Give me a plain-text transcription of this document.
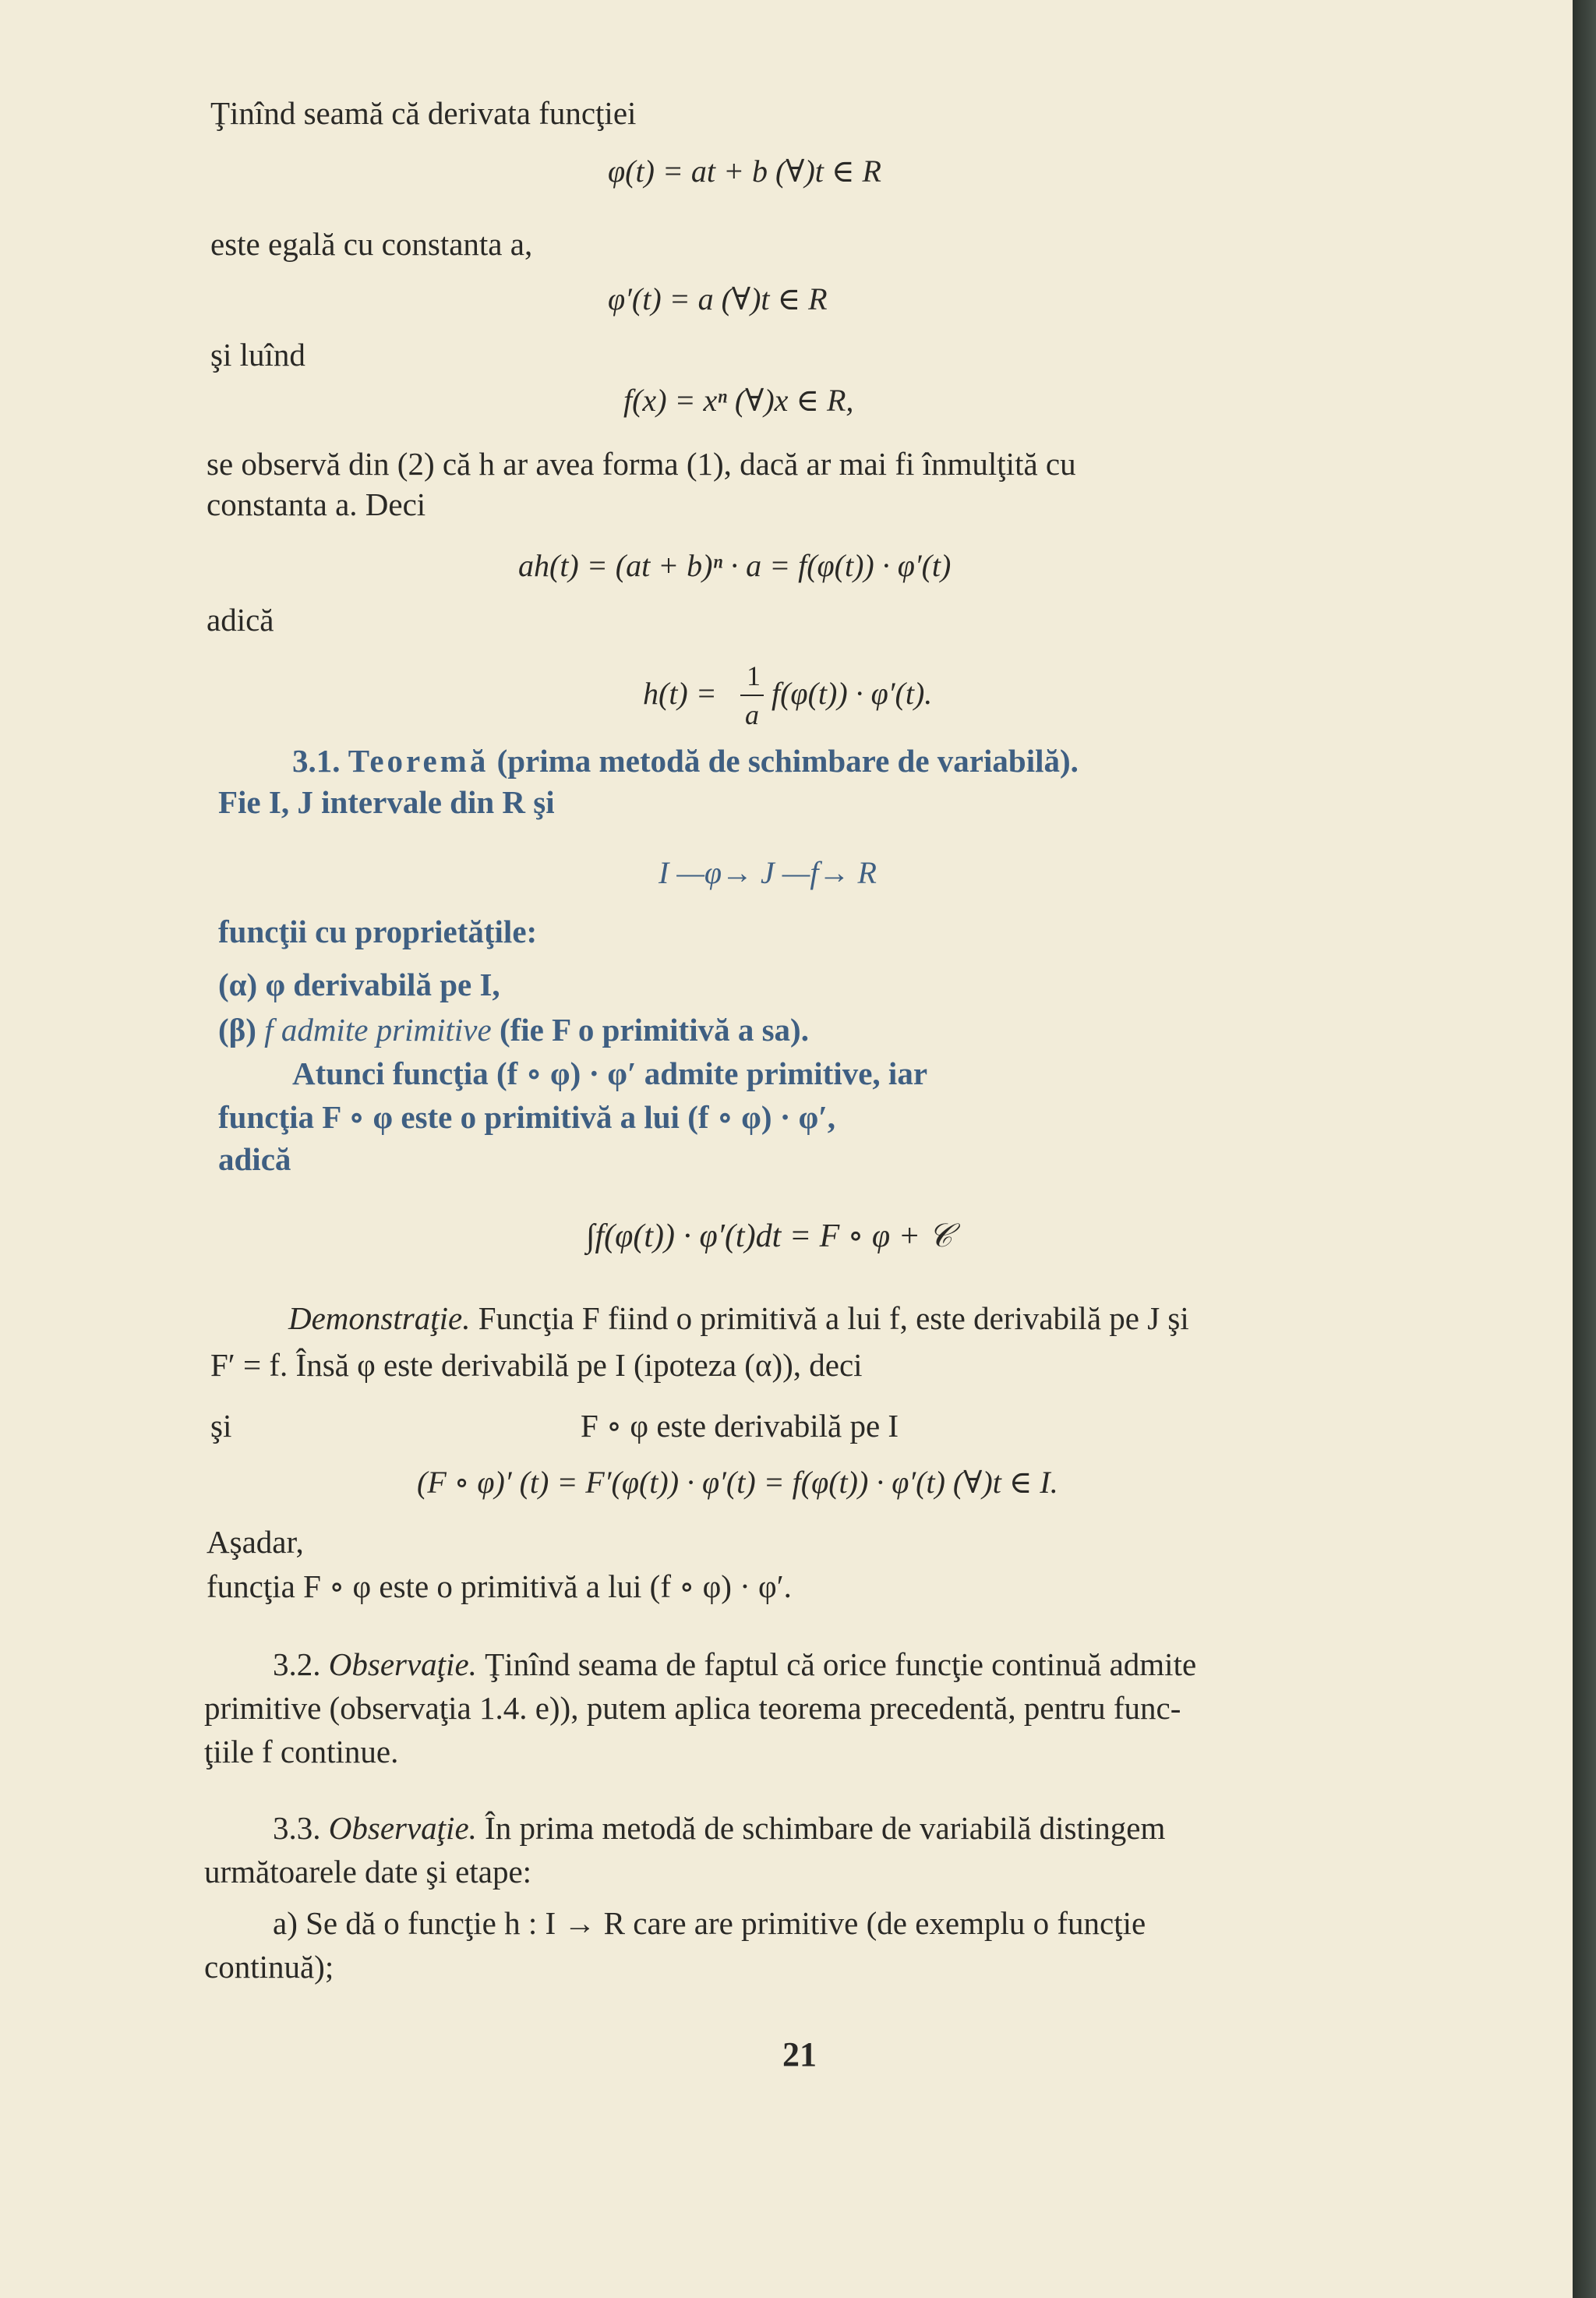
Ţinînd seamă că derivata funcţiei
φ(t) = at + b (∀)t ∈ R
este egală cu constanta a,
φ′(t) = a (∀)t ∈ R
şi luînd
f(x) = xⁿ (∀)x ∈ R,
se observă din (2) că h ar avea forma (1), dacă ar mai fi înmulţită cu
constanta a. Deci
ah(t) = (at + b)ⁿ · a = f(φ(t)) · φ′(t)
adică
h(t) = 1
a
f(φ(t)) · φ′(t).
3.1. Teoremă (prima metodă de schimbare de variabilă).
Fie I, J intervale din R şi
I —φ→ J —f→ R
funcţii cu proprietăţile:
(α) φ derivabilă pe I,
(β) f admite primitive (fie F o primitivă a sa).
Atunci funcţia (f ∘ φ) · φ′ admite primitive, iar
funcţia F ∘ φ este o primitivă a lui (f ∘ φ) · φ′,
adică
∫f(φ(t)) · φ′(t)dt = F ∘ φ + 𝒞
Demonstraţie. Funcţia F fiind o primitivă a lui f, este derivabilă pe J şi
F′ = f. Însă φ este derivabilă pe I (ipoteza (α)), deci
şi	F ∘ φ este derivabilă pe I
(F ∘ φ)′ (t) = F′(φ(t)) · φ′(t) = f(φ(t)) · φ′(t) (∀)t ∈ I.
Aşadar,
funcţia F ∘ φ este o primitivă a lui (f ∘ φ) · φ′.
3.2. Observaţie. Ţinînd seama de faptul că orice funcţie continuă admite
primitive (observaţia 1.4. e)), putem aplica teorema precedentă, pentru func-
ţiile f continue.
3.3. Observaţie. În prima metodă de schimbare de variabilă distingem
următoarele date şi etape:
a) Se dă o funcţie h : I → R care are primitive (de exemplu o funcţie
continuă);
21
